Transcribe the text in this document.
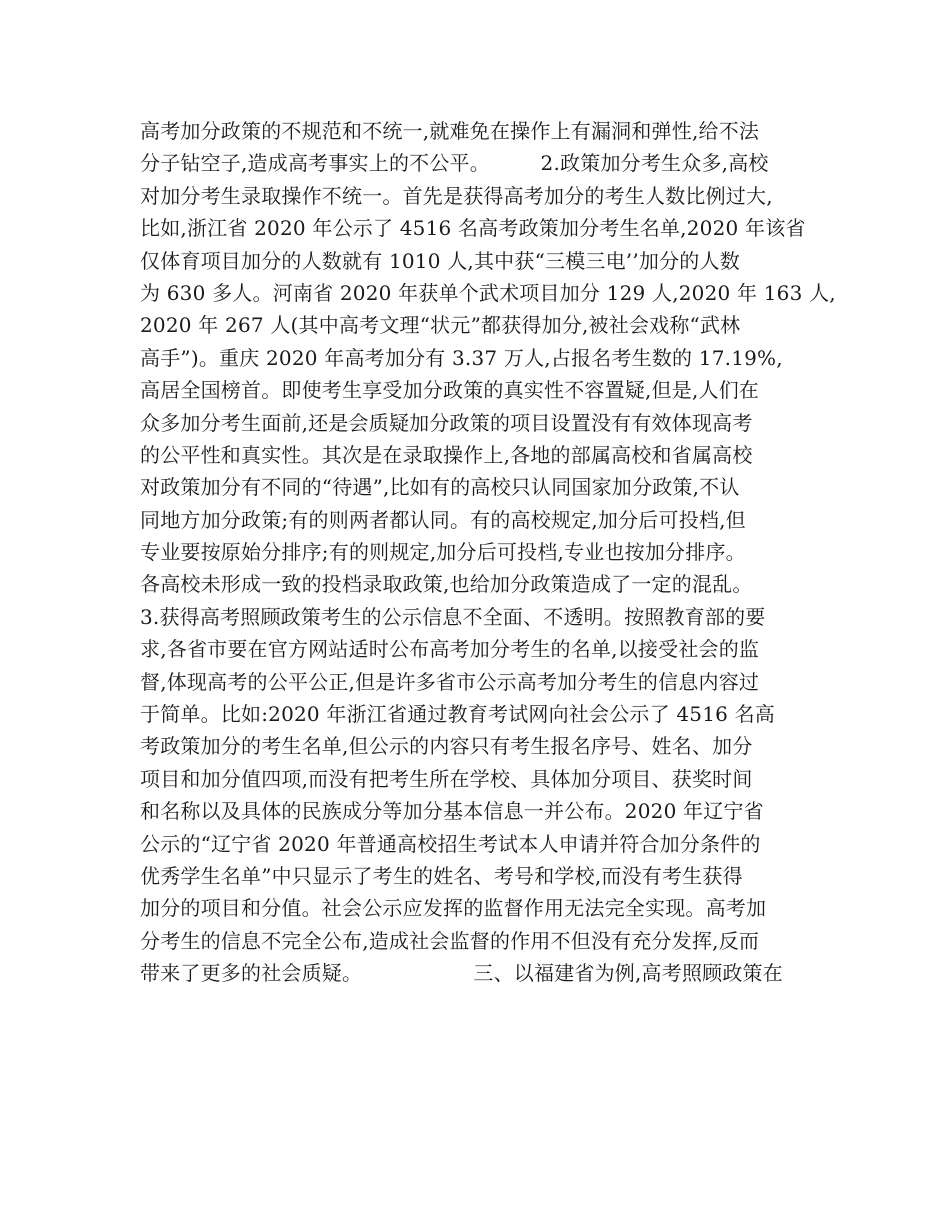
高考加分政策的不规范和不统一,就难免在操作上有漏洞和弹性,给不法
分子钻空子,造成高考事实上的不公平。　　　2.政策加分考生众多,高校
对加分考生录取操作不统一。首先是获得高考加分的考生人数比例过大,
比如,浙江省 2020 年公示了 4516 名高考政策加分考生名单,2020 年该省
仅体育项目加分的人数就有 1010 人,其中获“三模三电’’加分的人数
为 630 多人。河南省 2020 年获单个武术项目加分 129 人,2020 年 163 人,
2020 年 267 人(其中高考文理“状元”都获得加分,被社会戏称“武林
高手”)。重庆 2020 年高考加分有 3.37 万人,占报名考生数的 17.19%,
高居全国榜首。即使考生享受加分政策的真实性不容置疑,但是,人们在
众多加分考生面前,还是会质疑加分政策的项目设置没有有效体现高考
的公平性和真实性。其次是在录取操作上,各地的部属高校和省属高校
对政策加分有不同的“待遇”,比如有的高校只认同国家加分政策,不认
同地方加分政策;有的则两者都认同。有的高校规定,加分后可投档,但
专业要按原始分排序;有的则规定,加分后可投档,专业也按加分排序。
各高校未形成一致的投档录取政策,也给加分政策造成了一定的混乱。
3.获得高考照顾政策考生的公示信息不全面、不透明。按照教育部的要
求,各省市要在官方网站适时公布高考加分考生的名单,以接受社会的监
督,体现高考的公平公正,但是许多省市公示高考加分考生的信息内容过
于简单。比如:2020 年浙江省通过教育考试网向社会公示了 4516 名高
考政策加分的考生名单,但公示的内容只有考生报名序号、姓名、加分
项目和加分值四项,而没有把考生所在学校、具体加分项目、获奖时间
和名称以及具体的民族成分等加分基本信息一并公布。2020 年辽宁省
公示的“辽宁省 2020 年普通高校招生考试本人申请并符合加分条件的
优秀学生名单”中只显示了考生的姓名、考号和学校,而没有考生获得
加分的项目和分值。社会公示应发挥的监督作用无法完全实现。高考加
分考生的信息不完全公布,造成社会监督的作用不但没有充分发挥,反而
带来了更多的社会质疑。　　　　　　三、以福建省为例,高考照顾政策在
